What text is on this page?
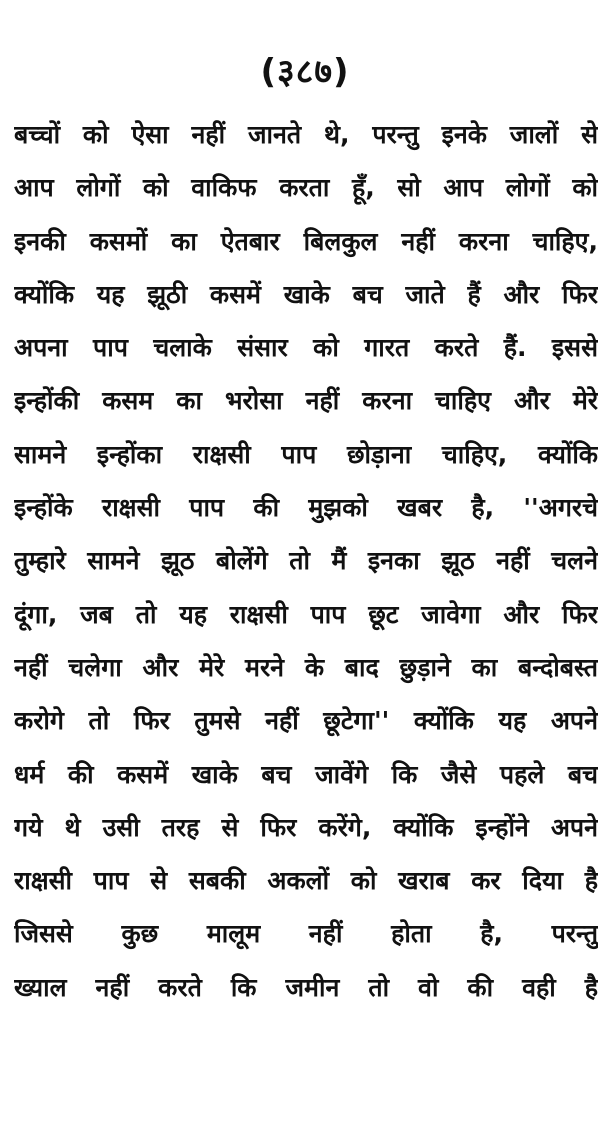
(३८७)
बच्चों को ऐसा नहीं जानते थे, परन्तु इनके जालों से
आप लोगों को वाकिफ करता हूँ, सो आप लोगों को
इनकी कसमों का ऐतबार बिलकुल नहीं करना चाहिए,
क्योंकि यह झूठी कसमें खाके बच जाते हैं और फिर
अपना पाप चलाके संसार को गारत करते हैं. इससे
इन्होंकी कसम का भरोसा नहीं करना चाहिए और मेरे
सामने इन्होंका राक्षसी पाप छोड़ाना चाहिए, क्योंकि
इन्होंके राक्षसी पाप की मुझको खबर है, ''अगरचे
तुम्हारे सामने झूठ बोलेंगे तो मैं इनका झूठ नहीं चलने
दूंगा, जब तो यह राक्षसी पाप छूट जावेगा और फिर
नहीं चलेगा और मेरे मरने के बाद छुड़ाने का बन्दोबस्त
करोगे तो फिर तुमसे नहीं छूटेगा'' क्योंकि यह अपने
धर्म की कसमें खाके बच जावेंगे कि जैसे पहले बच
गये थे उसी तरह से फिर करेंगे, क्योंकि इन्होंने अपने
राक्षसी पाप से सबकी अकलों को खराब कर दिया है
जिससे कुछ मालूम नहीं होता है, परन्तु
ख्याल नहीं करते कि जमीन तो वो की वही है
